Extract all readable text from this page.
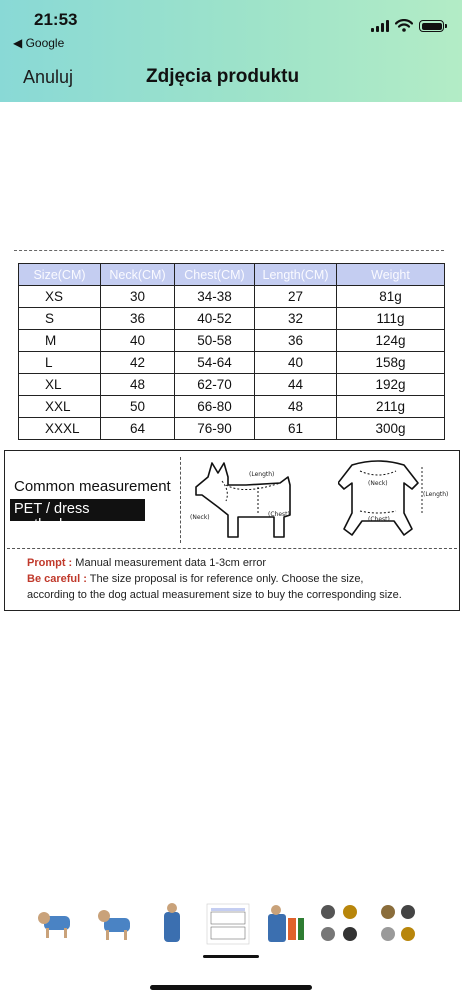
21:53
◀ Google
Anuluj	Zdjęcia produktu
Size(CM)	Neck(CM)	Chest(CM)	Length(CM)	Weight
XS	30	34-38	27	81g
S	36	40-52	32	111g
M	40	50-58	36	124g
L	42	54-64	40	158g
XL	48	62-70	44	192g
XXL	50	66-80	48	211g
XXXL	64	76-90	61	300g
Common measurement
PET / dress method
(Length)
(Neck)	(Chest)
(Neck)
(Length)
(Chest)
Prompt : Manual measurement data 1-3cm error
Be careful : The size proposal is for reference only. Choose the size,
according to the dog actual measurement size to buy the corresponding size.
